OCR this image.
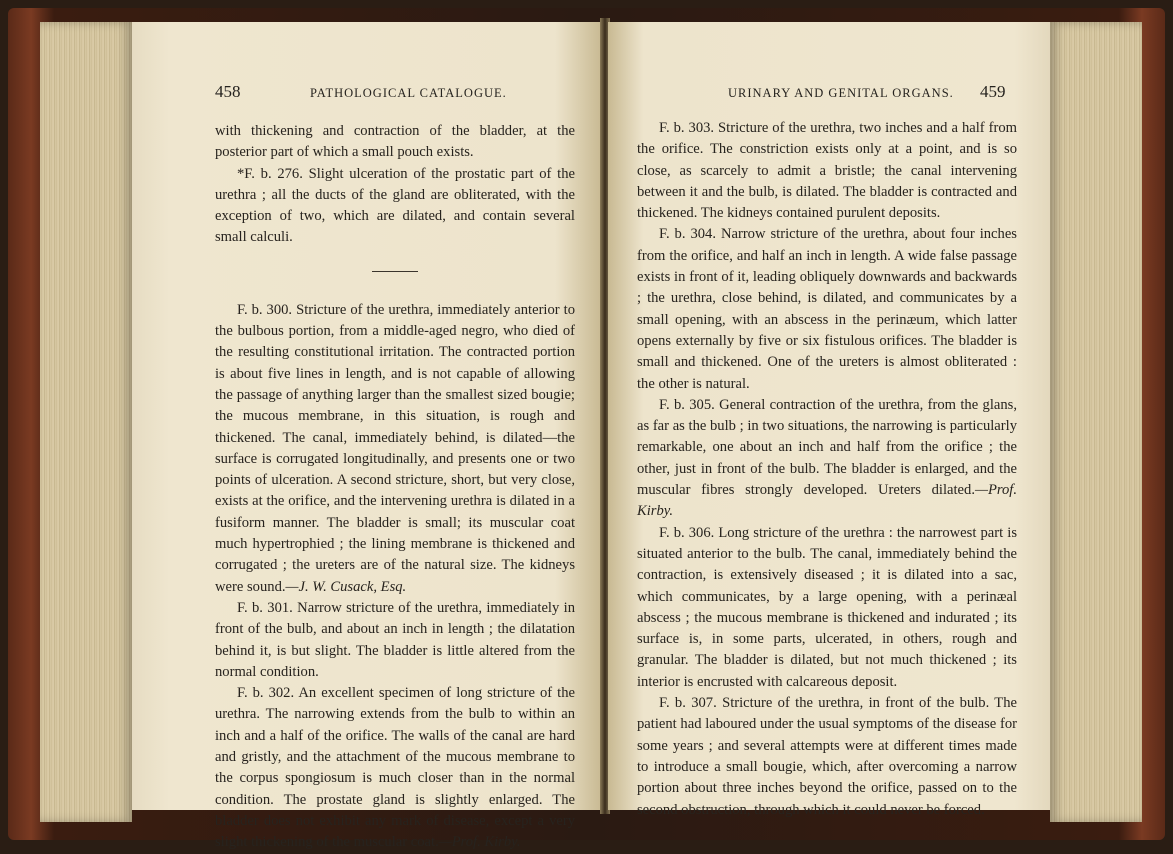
458	PATHOLOGICAL CATALOGUE.

with thickening and contraction of the bladder, at the posterior part of which a small pouch exists.

*F. b. 276. Slight ulceration of the prostatic part of the urethra ; all the ducts of the gland are obliterated, with the exception of two, which are dilated, and contain several small calculi.

F. b. 300. Stricture of the urethra, immediately anterior to the bulbous portion, from a middle-aged negro, who died of the resulting constitutional irritation. The contracted portion is about five lines in length, and is not capable of allowing the passage of anything larger than the smallest sized bougie; the mucous membrane, in this situation, is rough and thickened. The canal, immediately behind, is dilated—the surface is corrugated longitudinally, and presents one or two points of ulceration. A second stricture, short, but very close, exists at the orifice, and the intervening urethra is dilated in a fusiform manner. The bladder is small; its muscular coat much hypertrophied ; the lining membrane is thickened and corrugated ; the ureters are of the natural size. The kidneys were sound.—J. W. Cusack, Esq.

F. b. 301. Narrow stricture of the urethra, immediately in front of the bulb, and about an inch in length ; the dilatation behind it, is but slight. The bladder is little altered from the normal condition.

F. b. 302. An excellent specimen of long stricture of the urethra. The narrowing extends from the bulb to within an inch and a half of the orifice. The walls of the canal are hard and gristly, and the attachment of the mucous membrane to the corpus spongiosum is much closer than in the normal condition. The prostate gland is slightly enlarged. The bladder does not exhibit any mark of disease, except a very slight thickening of the muscular coat.—Prof. Kirby.

URINARY AND GENITAL ORGANS. 459

F. b. 303. Stricture of the urethra, two inches and a half from the orifice. The constriction exists only at a point, and is so close, as scarcely to admit a bristle; the canal intervening between it and the bulb, is dilated. The bladder is contracted and thickened. The kidneys contained purulent deposits.

F. b. 304. Narrow stricture of the urethra, about four inches from the orifice, and half an inch in length. A wide false passage exists in front of it, leading obliquely downwards and backwards ; the urethra, close behind, is dilated, and communicates by a small opening, with an abscess in the perinæum, which latter opens externally by five or six fistulous orifices. The bladder is small and thickened. One of the ureters is almost obliterated : the other is natural.

F. b. 305. General contraction of the urethra, from the glans, as far as the bulb ; in two situations, the narrowing is particularly remarkable, one about an inch and half from the orifice ; the other, just in front of the bulb. The bladder is enlarged, and the muscular fibres strongly developed. Ureters dilated.—Prof. Kirby.

F. b. 306. Long stricture of the urethra : the narrowest part is situated anterior to the bulb. The canal, immediately behind the contraction, is extensively diseased ; it is dilated into a sac, which communicates, by a large opening, with a perinæal abscess ; the mucous membrane is thickened and indurated ; its surface is, in some parts, ulcerated, in others, rough and granular. The bladder is dilated, but not much thickened ; its interior is encrusted with calcareous deposit.

F. b. 307. Stricture of the urethra, in front of the bulb. The patient had laboured under the usual symptoms of the disease for some years ; and several attempts were at different times made to introduce a small bougie, which, after overcoming a narrow portion about three inches beyond the orifice, passed on to the second obstruction, through which it could never be forced.
